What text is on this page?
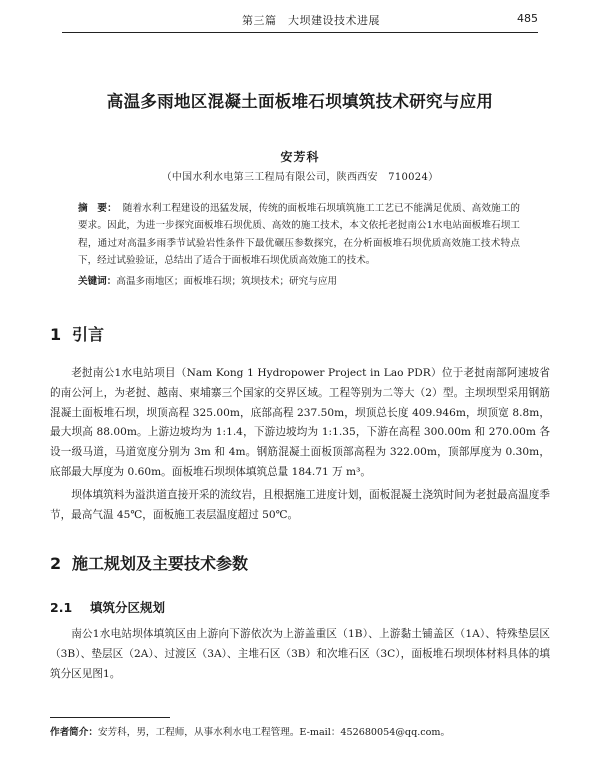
第三篇　大坝建设技术进展	485
高温多雨地区混凝土面板堆石坝填筑技术研究与应用
安芳科
（中国水利水电第三工程局有限公司，陕西西安　710024）
摘　要： 随着水利工程建设的迅猛发展，传统的面板堆石坝填筑施工工艺已不能满足优质、高效施工的要求。因此，为进一步探究面板堆石坝优质、高效的施工技术，本文依托老挝南公1水电站面板堆石坝工程，通过对高温多雨季节试验岩性条件下最优碾压参数探究，在分析面板堆石坝优质高效施工技术特点下，经过试验验证，总结出了适合于面板堆石坝优质高效施工的技术。
关键词：高温多雨地区；面板堆石坝；筑坝技术；研究与应用
1 引言
老挝南公1水电站项目（Nam Kong 1 Hydropower Project in Lao PDR）位于老挝南部阿速坡省的南公河上，为老挝、越南、柬埔寨三个国家的交界区域。工程等别为二等大（2）型。主坝坝型采用钢筋混凝土面板堆石坝，坝顶高程 325.00m，底部高程 237.50m，坝顶总长度 409.946m，坝顶宽 8.8m，最大坝高 88.00m。上游边坡均为 1:1.4，下游边坡均为 1:1.35，下游在高程 300.00m 和 270.00m 各设一级马道，马道宽度分别为 3m 和 4m。钢筋混凝土面板顶部高程为 322.00m，顶部厚度为 0.30m，底部最大厚度为 0.60m。面板堆石坝坝体填筑总量 184.71 万 m³。
坝体填筑料为溢洪道直接开采的流纹岩，且根据施工进度计划，面板混凝土浇筑时间为老挝最高温度季节，最高气温 45℃，面板施工表层温度超过 50℃。
2 施工规划及主要技术参数
2.1 填筑分区规划
南公1水电站坝体填筑区由上游向下游依次为上游盖重区（1B）、上游黏土铺盖区（1A）、特殊垫层区（3B）、垫层区（2A）、过渡区（3A）、主堆石区（3B）和次堆石区（3C），面板堆石坝坝体材料具体的填筑分区见图1。
作者简介：安芳科，男，工程师，从事水利水电工程管理。E-mail：452680054@qq.com。
